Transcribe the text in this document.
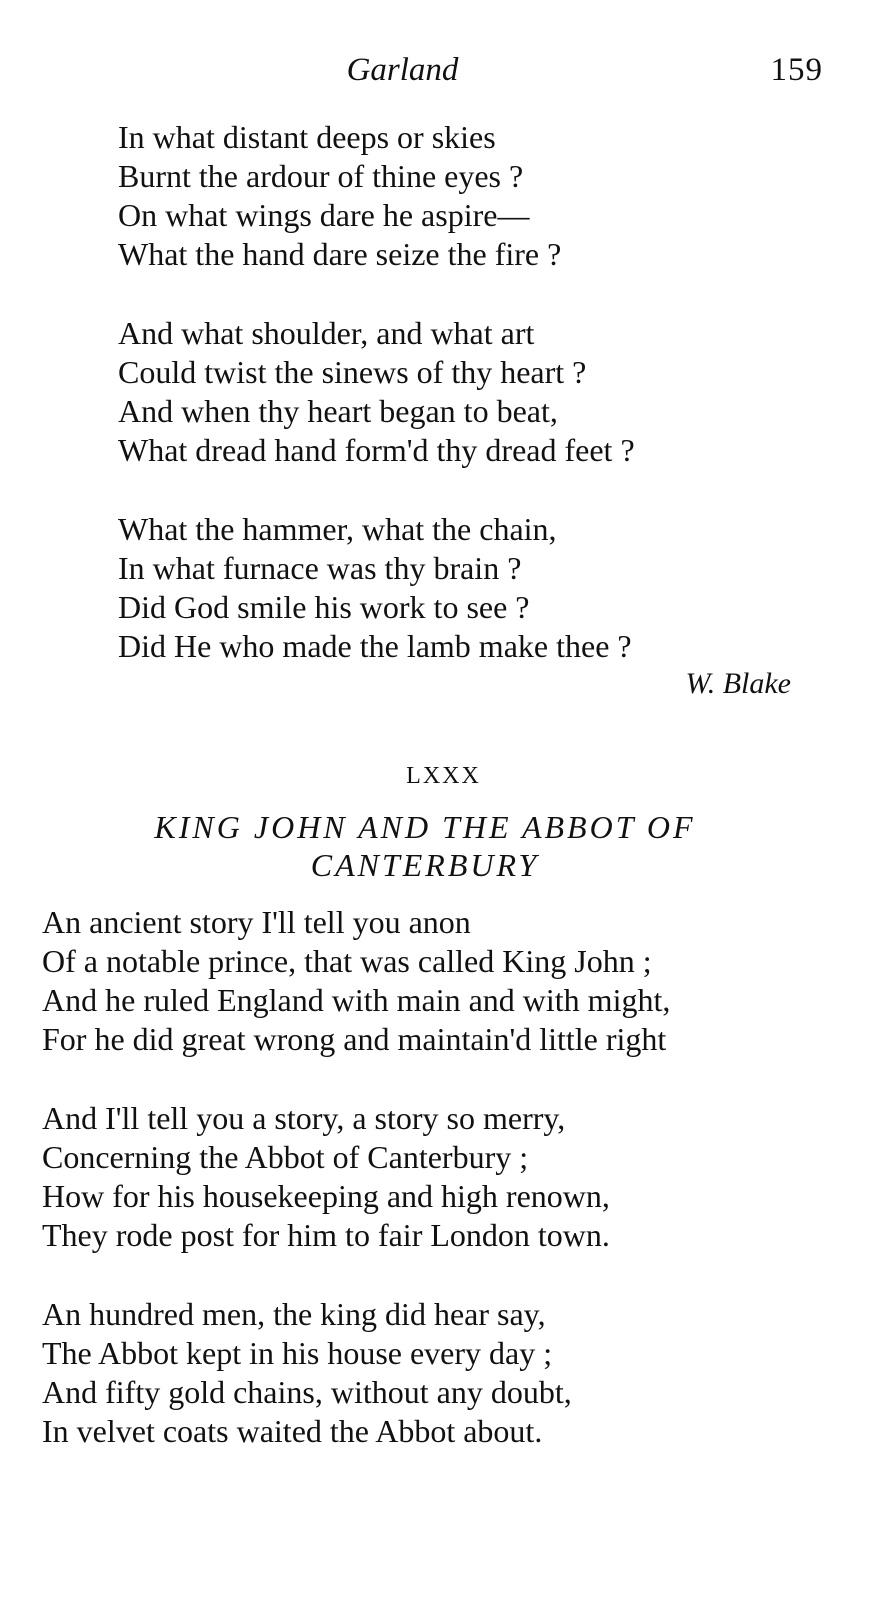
Garland	159
In what distant deeps or skies
Burnt the ardour of thine eyes ?
On what wings dare he aspire—
What the hand dare seize the fire ?
And what shoulder, and what art
Could twist the sinews of thy heart ?
And when thy heart began to beat,
What dread hand form'd thy dread feet ?
What the hammer, what the chain,
In what furnace was thy brain ?
Did God smile his work to see ?
Did He who made the lamb make thee ?
W. Blake
LXXX
KING JOHN AND THE ABBOT OF
CANTERBURY
An ancient story I'll tell you anon
Of a notable prince, that was called King John ;
And he ruled England with main and with might,
For he did great wrong and maintain'd little right
And I'll tell you a story, a story so merry,
Concerning the Abbot of Canterbury ;
How for his housekeeping and high renown,
They rode post for him to fair London town.
An hundred men, the king did hear say,
The Abbot kept in his house every day ;
And fifty gold chains, without any doubt,
In velvet coats waited the Abbot about.
